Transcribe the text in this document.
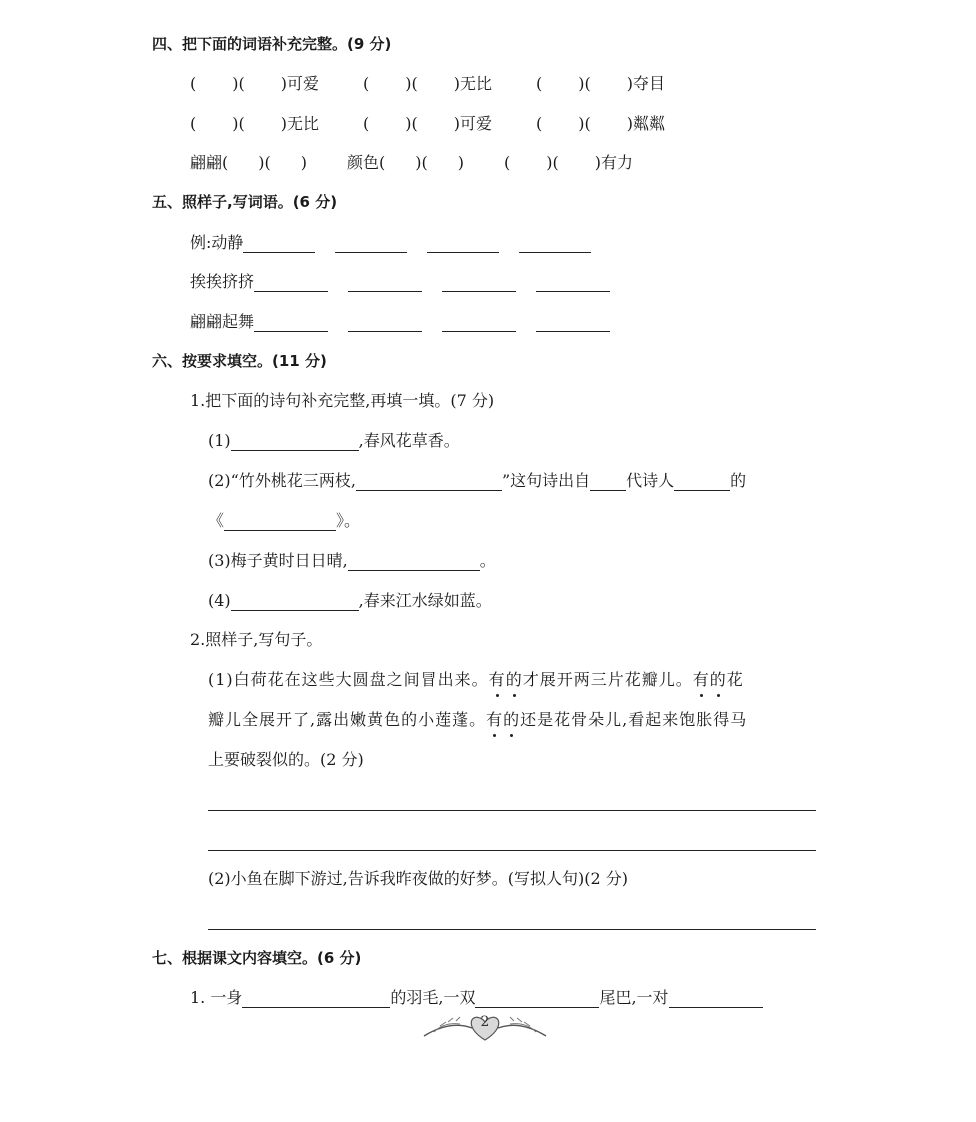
四、把下面的词语补充完整。(9 分)
( )( )可爱	( )( )无比	( )( )夺目
( )( )无比	( )( )可爱	( )( )粼粼
翩翩( )( )	颜色( )( )	( )( )有力
五、照样子,写词语。(6 分)
例:动静
挨挨挤挤
翩翩起舞
六、按要求填空。(11 分)
1.把下面的诗句补充完整,再填一填。(7 分)
(1)	,春风花草香。
(2)“竹外桃花三两枝,	”这句诗出自 代诗人	的
《	》。
(3)梅子黄时日日晴,	。
(4)	,春来江水绿如蓝。
2.照样子,写句子。
(1)白荷花在这些大圆盘之间冒出来。有的才展开两三片花瓣儿。有的花
瓣儿全展开了,露出嫩黄色的小莲蓬。有的还是花骨朵儿,看起来饱胀得马
上要破裂似的。(2 分)
(2)小鱼在脚下游过,告诉我昨夜做的好梦。(写拟人句)(2 分)
七、根据课文内容填空。(6 分)
1. 一身	的羽毛,一双	尾巴,一对
2
